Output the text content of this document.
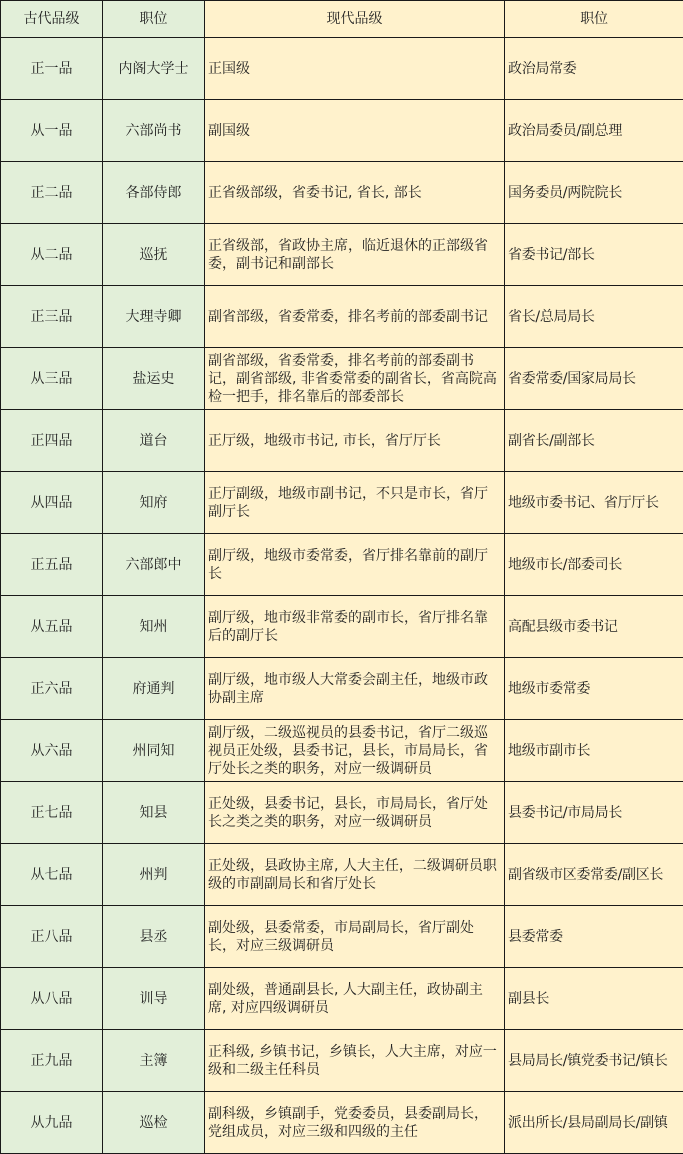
古代品级	职位	现代品级	职位
正一品	内阁大学士	正国级	政治局常委
从一品	六部尚书	副国级	政治局委员/副总理
正二品	各部侍郎	正省级部级，省委书记, 省长, 部长	国务委员/两院院长
从二品	巡抚	正省级部，省政协主席，临近退休的正部级省委，副书记和副部长	省委书记/部长
正三品	大理寺卿	副省部级，省委常委，排名考前的部委副书记	省长/总局局长
从三品	盐运史	副省部级，省委常委，排名考前的部委副书记，副省部级, 非省委常委的副省长，省高院高检一把手，排名靠后的部委部长	省委常委/国家局局长
正四品	道台	正厅级，地级市书记, 市长，省厅厅长	副省长/副部长
从四品	知府	正厅副级，地级市副书记，不只是市长，省厅副厅长	地级市委书记、省厅厅长
正五品	六部郎中	副厅级，地级市委常委，省厅排名靠前的副厅长	地级市长/部委司长
从五品	知州	副厅级，地市级非常委的副市长，省厅排名靠后的副厅长	高配县级市委书记
正六品	府通判	副厅级，地市级人大常委会副主任，地级市政协副主席	地级市委常委
从六品	州同知	副厅级，二级巡视员的县委书记，省厅二级巡视员正处级，县委书记，县长，市局局长，省厅处长之类的职务，对应一级调研员	地级市副市长
正七品	知县	正处级，县委书记，县长，市局局长，省厅处长之类之类的职务，对应一级调研员	县委书记/市局局长
从七品	州判	正处级，县政协主席, 人大主任，二级调研员职级的市副副局长和省厅处长	副省级市区委常委/副区长
正八品	县丞	副处级，县委常委，市局副局长，省厅副处长，对应三级调研员	县委常委
从八品	训导	副处级，普通副县长, 人大副主任，政协副主席, 对应四级调研员	副县长
正九品	主簿	正科级, 乡镇书记，乡镇长，人大主席，对应一级和二级主任科员	县局局长/镇党委书记/镇长
从九品	巡检	副科级，乡镇副手，党委委员，县委副局长，党组成员，对应三级和四级的主任	派出所长/县局副局长/副镇
